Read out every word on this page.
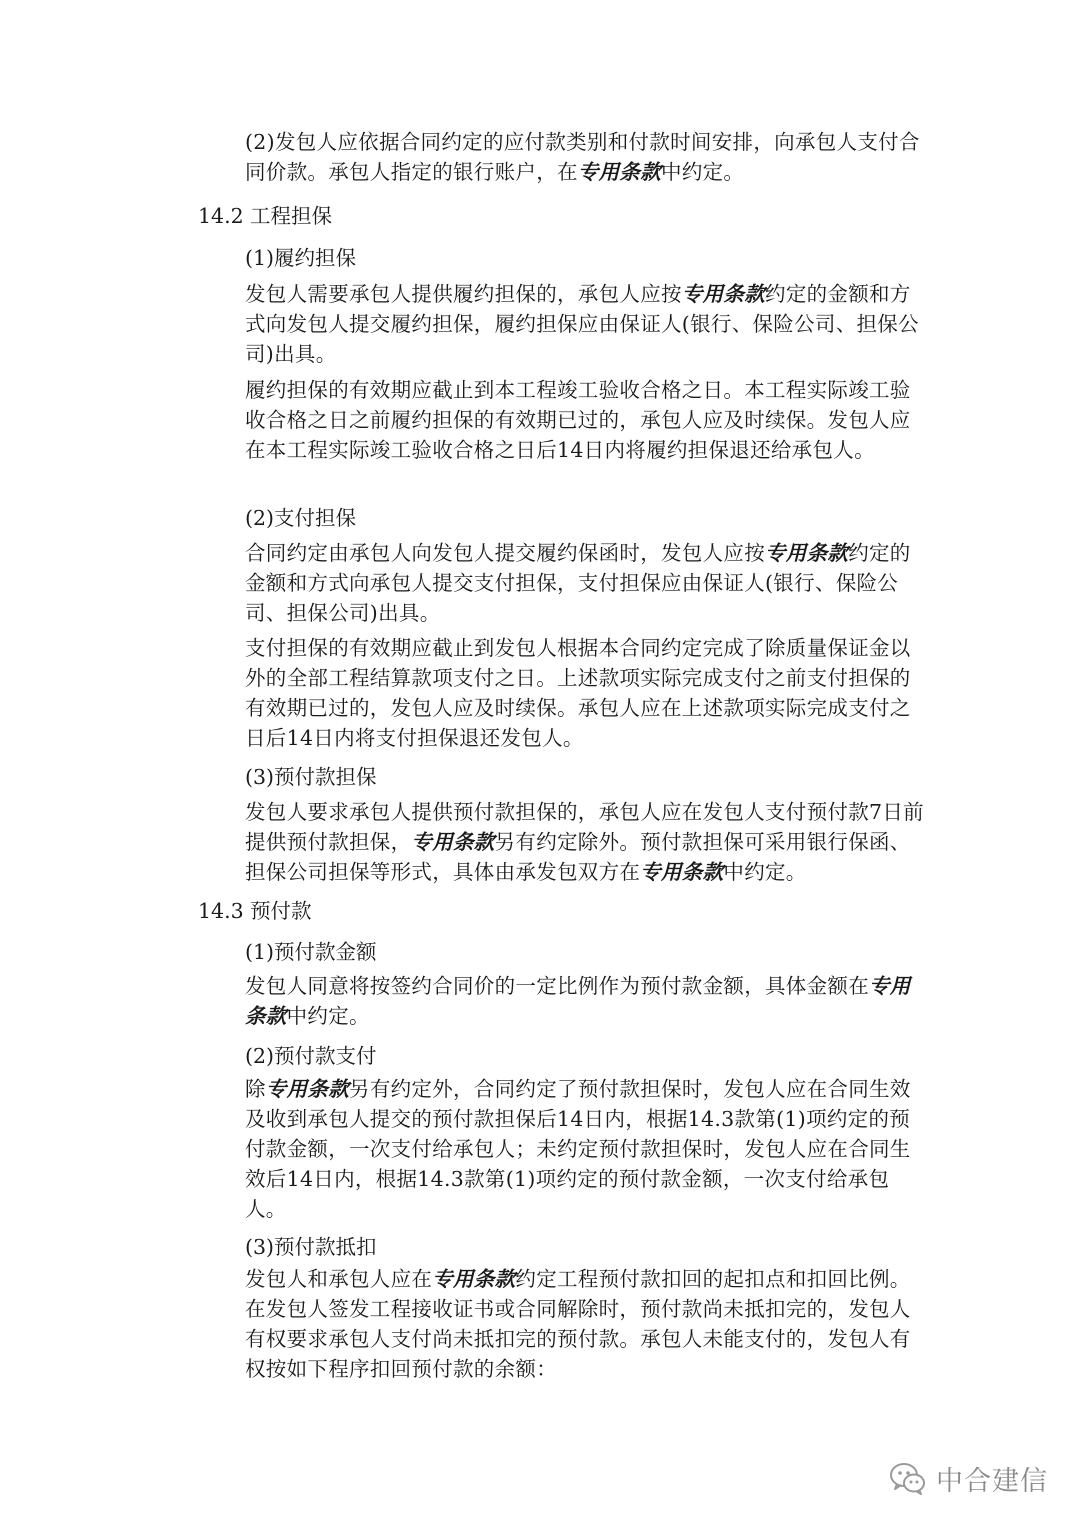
(2)发包人应依据合同约定的应付款类别和付款时间安排，向承包人支付合同价款。承包人指定的银行账户，在专用条款中约定。

14.2 工程担保

(1)履约担保

发包人需要承包人提供履约担保的，承包人应按专用条款约定的金额和方式向发包人提交履约担保，履约担保应由保证人(银行、保险公司、担保公司)出具。

履约担保的有效期应截止到本工程竣工验收合格之日。本工程实际竣工验收合格之日之前履约担保的有效期已过的，承包人应及时续保。发包人应在本工程实际竣工验收合格之日后14日内将履约担保退还给承包人。

(2)支付担保

合同约定由承包人向发包人提交履约保函时，发包人应按专用条款约定的金额和方式向承包人提交支付担保，支付担保应由保证人(银行、保险公司、担保公司)出具。

支付担保的有效期应截止到发包人根据本合同约定完成了除质量保证金以外的全部工程结算款项支付之日。上述款项实际完成支付之前支付担保的有效期已过的，发包人应及时续保。承包人应在上述款项实际完成支付之日后14日内将支付担保退还发包人。

(3)预付款担保

发包人要求承包人提供预付款担保的，承包人应在发包人支付预付款7日前提供预付款担保，专用条款另有约定除外。预付款担保可采用银行保函、担保公司担保等形式，具体由承发包双方在专用条款中约定。

14.3 预付款

(1)预付款金额

发包人同意将按签约合同价的一定比例作为预付款金额，具体金额在专用条款中约定。

(2)预付款支付

除专用条款另有约定外，合同约定了预付款担保时，发包人应在合同生效及收到承包人提交的预付款担保后14日内，根据14.3款第(1)项约定的预付款金额，一次支付给承包人；未约定预付款担保时，发包人应在合同生效后14日内，根据14.3款第(1)项约定的预付款金额，一次支付给承包人。

(3)预付款抵扣

发包人和承包人应在专用条款约定工程预付款扣回的起扣点和扣回比例。在发包人签发工程接收证书或合同解除时，预付款尚未抵扣完的，发包人有权要求承包人支付尚未抵扣完的预付款。承包人未能支付的，发包人有权按如下程序扣回预付款的余额：

中合建信
